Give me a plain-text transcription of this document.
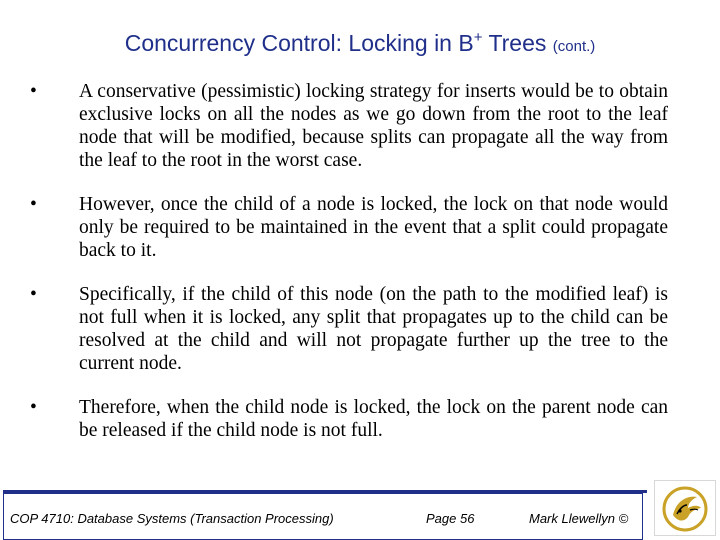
Concurrency Control: Locking in B+ Trees (cont.)
• A conservative (pessimistic) locking strategy for inserts would be to obtain exclusive locks on all the nodes as we go down from the root to the leaf node that will be modified, because splits can propagate all the way from the leaf to the root in the worst case.
• However, once the child of a node is locked, the lock on that node would only be required to be maintained in the event that a split could propagate back to it.
• Specifically, if the child of this node (on the path to the modified leaf) is not full when it is locked, any split that propagates up to the child can be resolved at the child and will not propagate further up the tree to the current node.
• Therefore, when the child node is locked, the lock on the parent node can be released if the child node is not full.
COP 4710: Database Systems (Transaction Processing)	Page 56	Mark Llewellyn ©
